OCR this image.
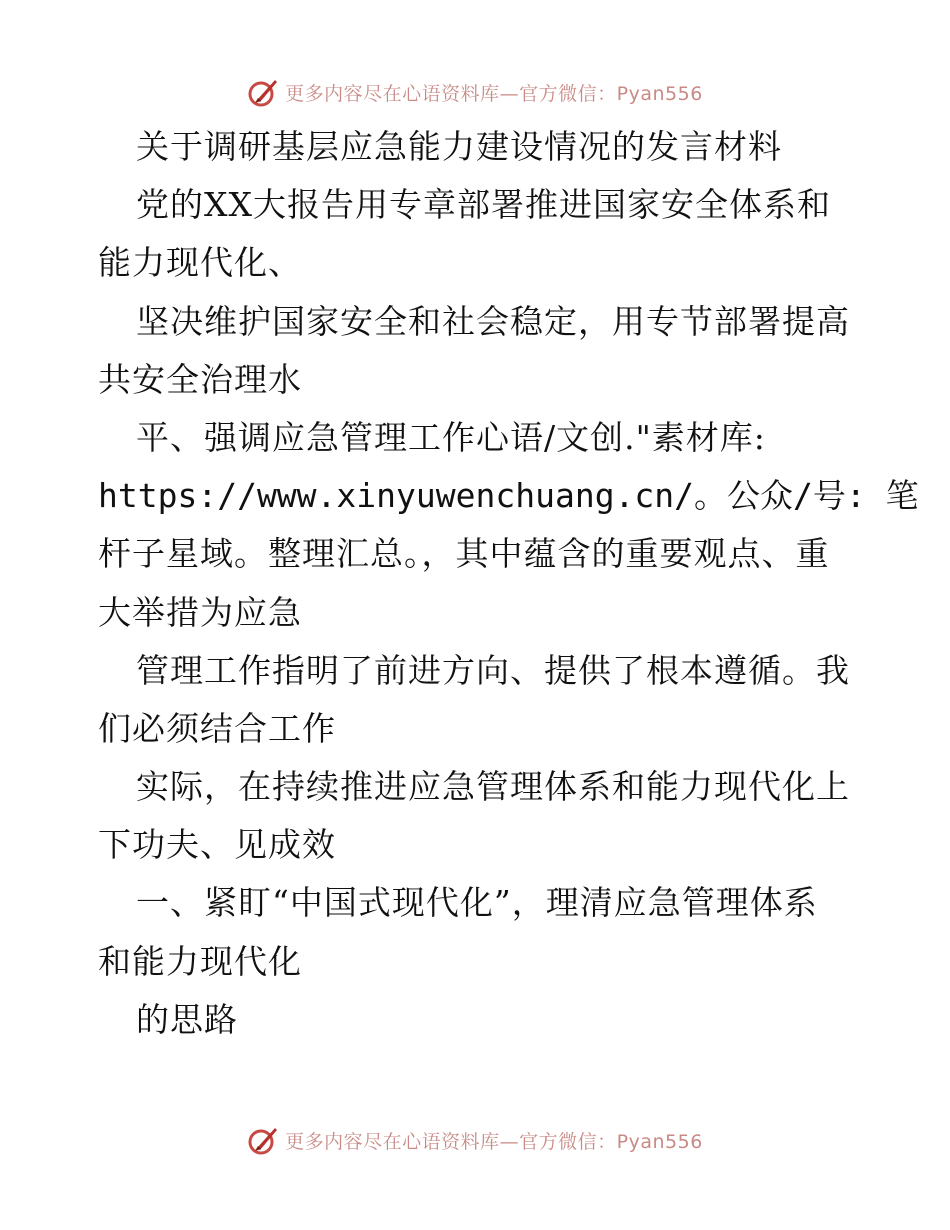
更多内容尽在心语资料库—官方微信：Pyan556
关于调研基层应急能力建设情况的发言材料
党的XX大报告用专章部署推进国家安全体系和
能力现代化、
坚决维护国家安全和社会稳定，用专节部署提高
共安全治理水
平、强调应急管理工作心语/文创."素材库:
https://www.xinyuwenchuang.cn/。公众/号: 笔
杆子星域。整理汇总。，其中蕴含的重要观点、重
大举措为应急
管理工作指明了前进方向、提供了根本遵循。我
们必须结合工作
实际，在持续推进应急管理体系和能力现代化上
下功夫、见成效
一、紧盯“中国式现代化”，理清应急管理体系
和能力现代化
的思路
更多内容尽在心语资料库—官方微信：Pyan556
